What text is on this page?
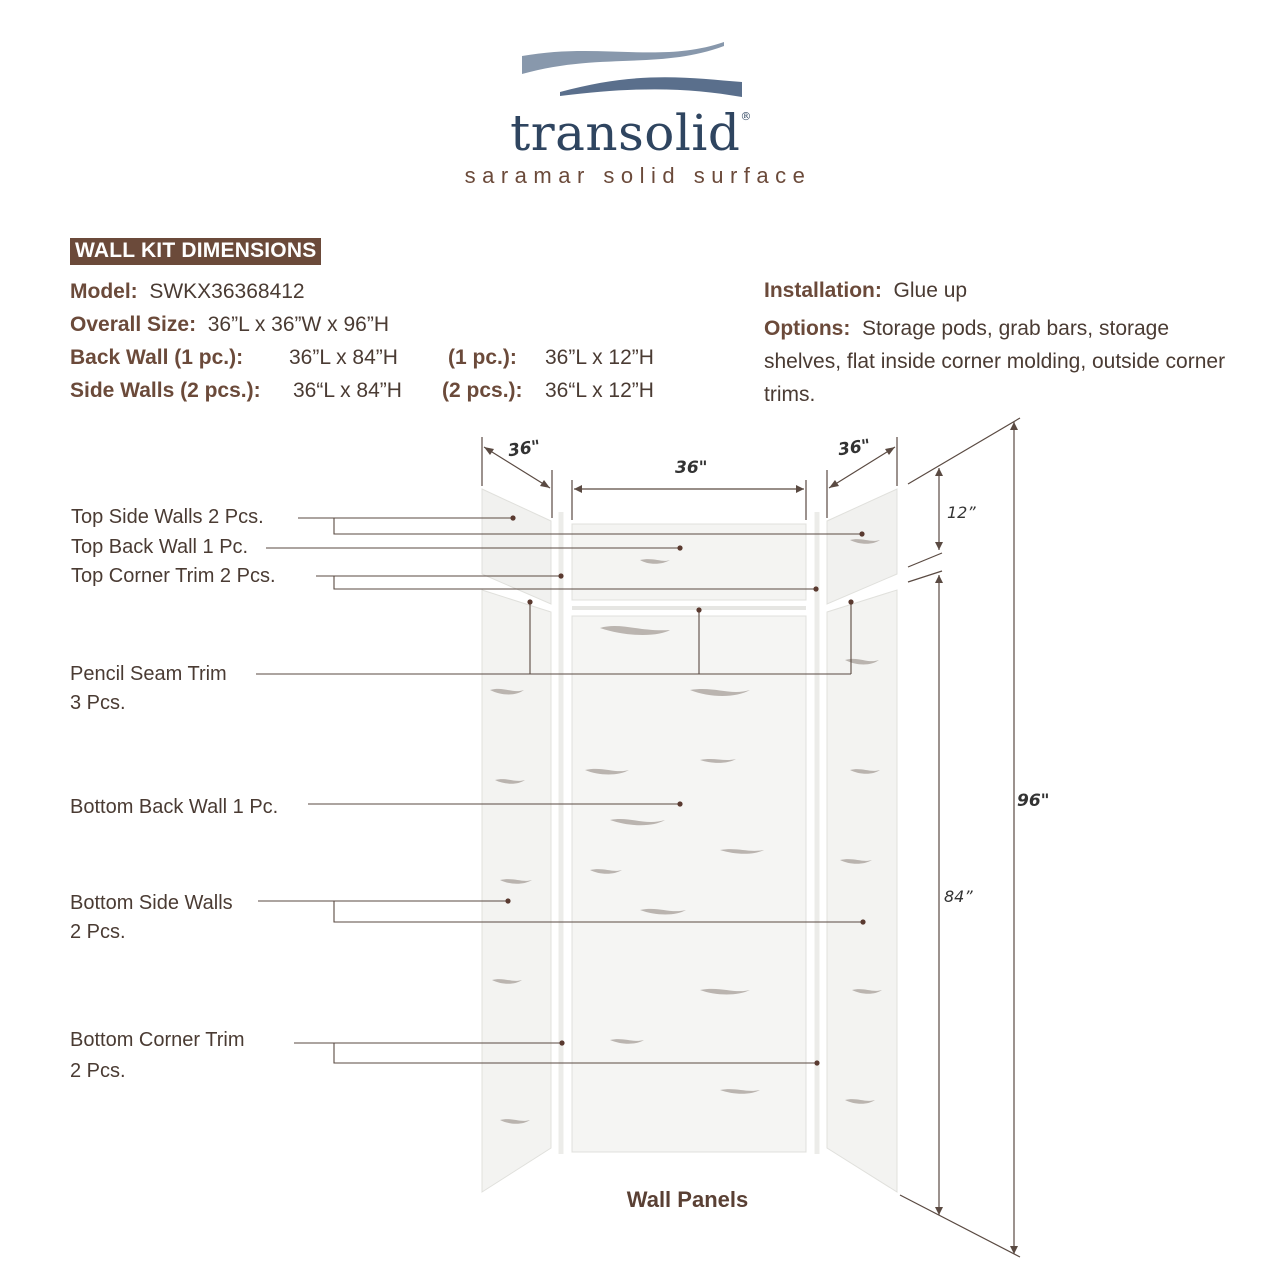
transolid®
saramar solid surface
WALL KIT DIMENSIONS
Model: SWKX36368412
Overall Size: 36”L x 36”W x 96”H
Back Wall (1 pc.): 36”L x 84”H (1 pc.): 36”L x 12”H
Side Walls (2 pcs.): 36“L x 84”H (2 pcs.): 36“L x 12”H
Installation: Glue up
Options: Storage pods, grab bars, storage shelves, flat inside corner molding, outside corner trims.
Top Side Walls 2 Pcs.
Top Back Wall 1 Pc.
Top Corner Trim 2 Pcs.
Pencil Seam Trim
3 Pcs.
Bottom Back Wall 1 Pc.
Bottom Side Walls
2 Pcs.
Bottom Corner Trim
2 Pcs.
36"
36"
36"
12”
84”
96"
Wall Panels
